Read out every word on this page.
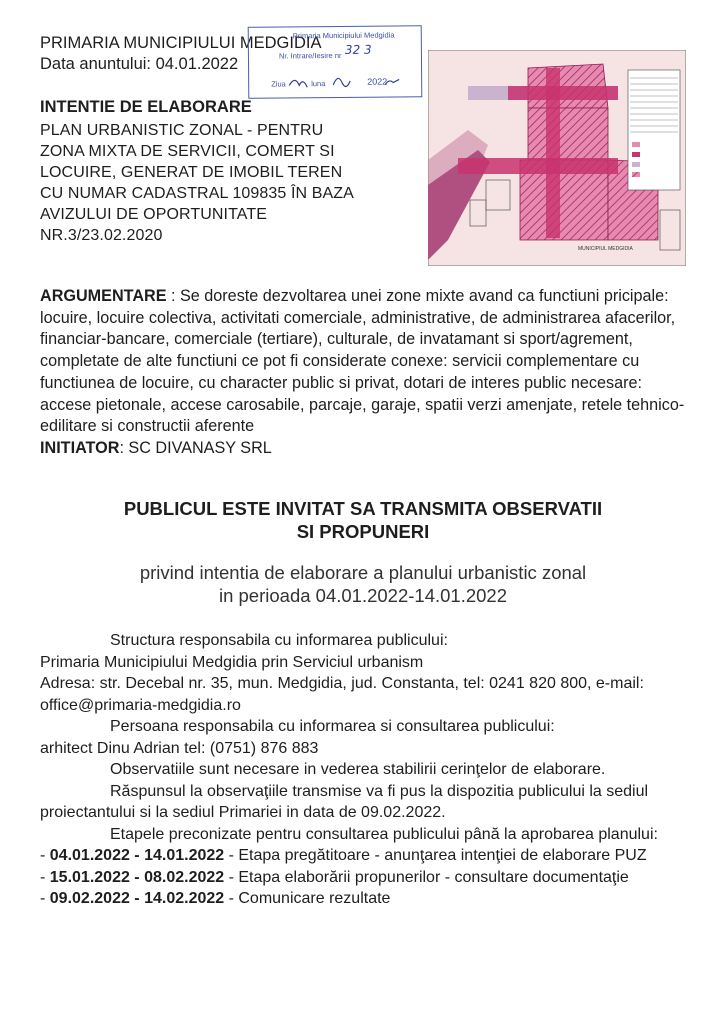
PRIMARIA MUNICIPIULUI MEDGIDIA
Data anuntului: 04.01.2022
Primaria Municipiului Medgidia
Nr. Intrare/Iesire nr 32 3
Ziua	luna	2022
INTENTIE DE ELABORARE
PLAN URBANISTIC ZONAL - PENTRU
ZONA MIXTA DE SERVICII, COMERT SI
LOCUIRE, GENERAT DE IMOBIL TEREN
CU NUMAR CADASTRAL 109835 ÎN BAZA
AVIZULUI DE OPORTUNITATE
NR.3/23.02.2020
MUNICIPIUL MEDGIDIA
ARGUMENTARE : Se doreste dezvoltarea unei zone mixte avand ca functiuni pricipale: locuire, locuire colectiva, activitati comerciale, administrative, de administrarea afacerilor, financiar-bancare, comerciale (tertiare), culturale, de invatamant si sport/agrement, completate de alte functiuni ce pot fi considerate conexe: servicii complementare cu functiunea de locuire, cu character public si privat, dotari de interes public necesare: accese pietonale, accese carosabile, parcaje, garaje, spatii verzi amenjate, retele tehnico-edilitare si constructii aferente
INITIATOR: SC DIVANASY SRL
PUBLICUL ESTE INVITAT SA TRANSMITA OBSERVATII
SI PROPUNERI
privind intentia de elaborare a planului urbanistic zonal
in perioada 04.01.2022-14.01.2022
Structura responsabila cu informarea publicului:
Primaria Municipiului Medgidia prin Serviciul urbanism
Adresa: str. Decebal nr. 35, mun. Medgidia, jud. Constanta, tel: 0241 820 800, e-mail: office@primaria-medgidia.ro
Persoana responsabila cu informarea si consultarea publicului:
arhitect Dinu Adrian tel: (0751) 876 883
Observatiile sunt necesare in vederea stabilirii cerinţelor de elaborare.
Răspunsul la observaţiile transmise va fi pus la dispozitia publicului la sediul proiectantului si la sediul Primariei in data de 09.02.2022.
Etapele preconizate pentru consultarea publicului până la aprobarea planului:
- 04.01.2022 - 14.01.2022 - Etapa pregătitoare - anunţarea intenţiei de elaborare PUZ
- 15.01.2022 - 08.02.2022 - Etapa elaborării propunerilor - consultare documentaţie
- 09.02.2022 - 14.02.2022 - Comunicare rezultate
